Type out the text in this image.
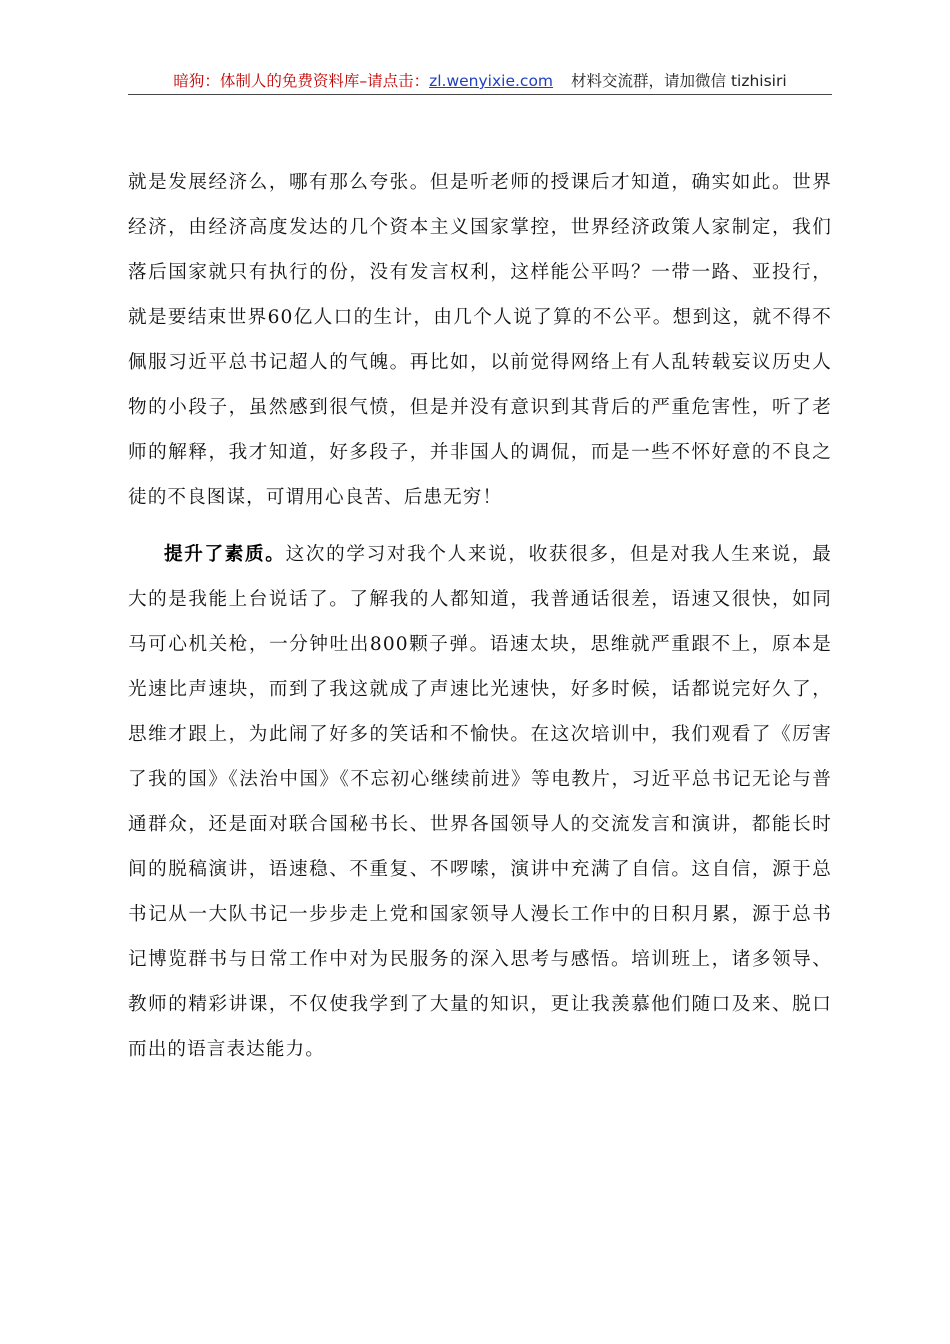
暗狗：体制人的免费资料库–请点击：zl.wenyixie.com 材料交流群，请加微信 tizhisiri

就是发展经济么，哪有那么夸张。但是听老师的授课后才知道，确实如此。世界经济，由经济高度发达的几个资本主义国家掌控，世界经济政策人家制定，我们落后国家就只有执行的份，没有发言权利，这样能公平吗？一带一路、亚投行，就是要结束世界60亿人口的生计，由几个人说了算的不公平。想到这，就不得不佩服习近平总书记超人的气魄。再比如，以前觉得网络上有人乱转载妄议历史人物的小段子，虽然感到很气愤，但是并没有意识到其背后的严重危害性，听了老师的解释，我才知道，好多段子，并非国人的调侃，而是一些不怀好意的不良之徒的不良图谋，可谓用心良苦、后患无穷！

提升了素质。这次的学习对我个人来说，收获很多，但是对我人生来说，最大的是我能上台说话了。了解我的人都知道，我普通话很差，语速又很快，如同马可心机关枪，一分钟吐出800颗子弹。语速太块，思维就严重跟不上，原本是光速比声速块，而到了我这就成了声速比光速快，好多时候，话都说完好久了，思维才跟上，为此闹了好多的笑话和不愉快。在这次培训中，我们观看了《厉害了我的国》《法治中国》《不忘初心继续前进》等电教片，习近平总书记无论与普通群众，还是面对联合国秘书长、世界各国领导人的交流发言和演讲，都能长时间的脱稿演讲，语速稳、不重复、不啰嗦，演讲中充满了自信。这自信，源于总书记从一大队书记一步步走上党和国家领导人漫长工作中的日积月累，源于总书记博览群书与日常工作中对为民服务的深入思考与感悟。培训班上，诸多领导、教师的精彩讲课，不仅使我学到了大量的知识，更让我羡慕他们随口及来、脱口而出的语言表达能力。
